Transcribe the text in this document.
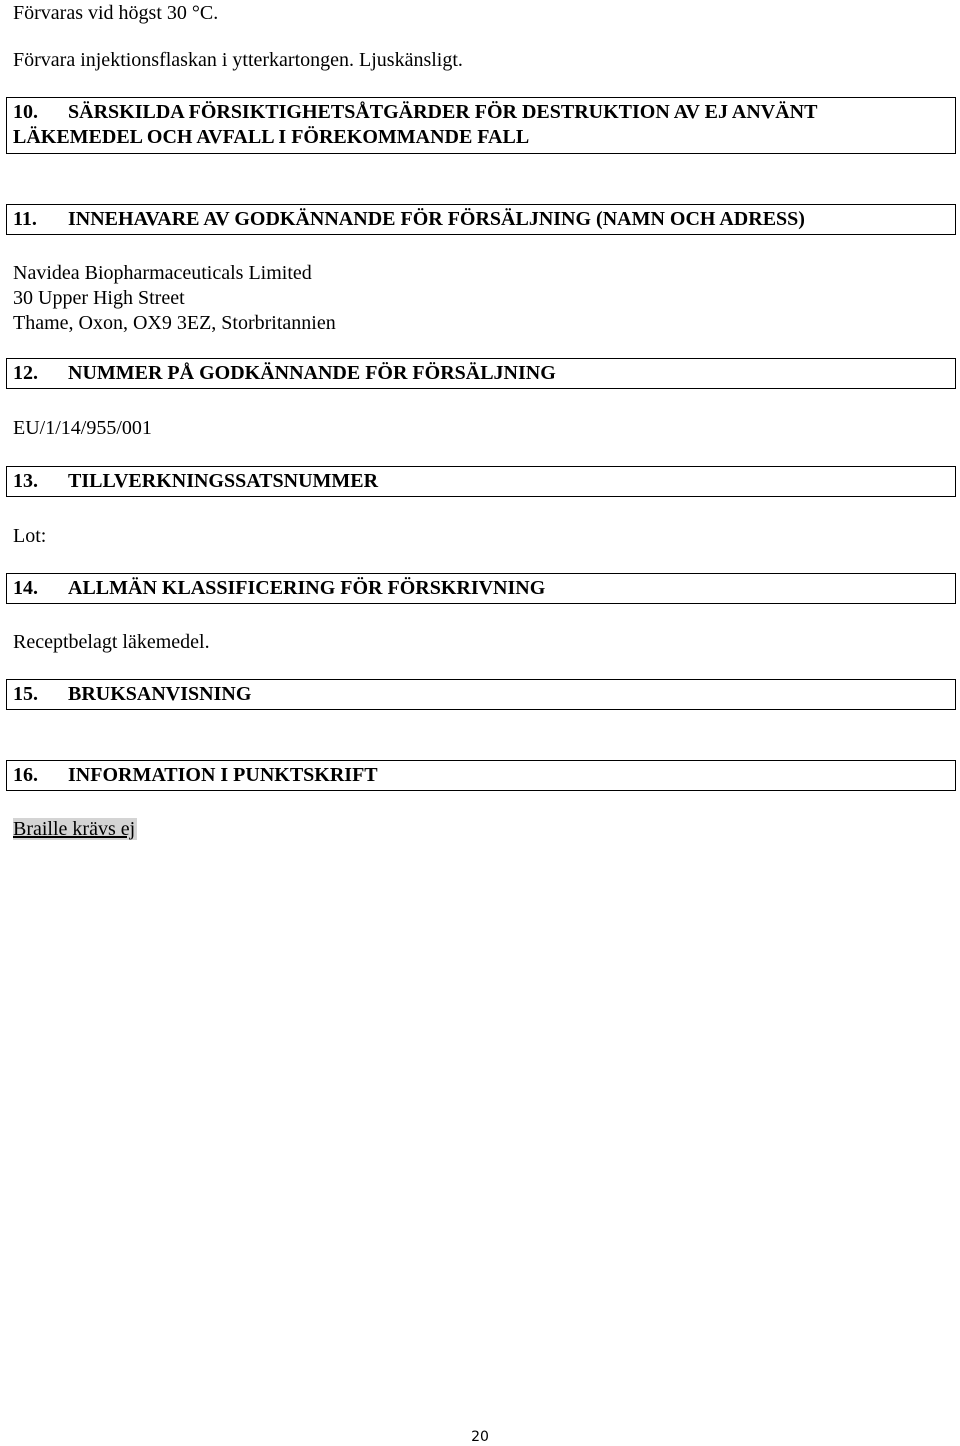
Förvaras vid högst 30 °C.
Förvara injektionsflaskan i ytterkartongen. Ljuskänsligt.
10.	SÄRSKILDA FÖRSIKTIGHETSÅTGÄRDER FÖR DESTRUKTION AV EJ ANVÄNT
LÄKEMEDEL OCH AVFALL I FÖREKOMMANDE FALL
11.	INNEHAVARE AV GODKÄNNANDE FÖR FÖRSÄLJNING (NAMN OCH ADRESS)
Navidea Biopharmaceuticals Limited
30 Upper High Street
Thame, Oxon, OX9 3EZ, Storbritannien
12.	NUMMER PÅ GODKÄNNANDE FÖR FÖRSÄLJNING
EU/1/14/955/001
13.	TILLVERKNINGSSATSNUMMER
Lot:
14.	ALLMÄN KLASSIFICERING FÖR FÖRSKRIVNING
Receptbelagt läkemedel.
15.	BRUKSANVISNING
16.	INFORMATION I PUNKTSKRIFT
Braille krävs ej
20
